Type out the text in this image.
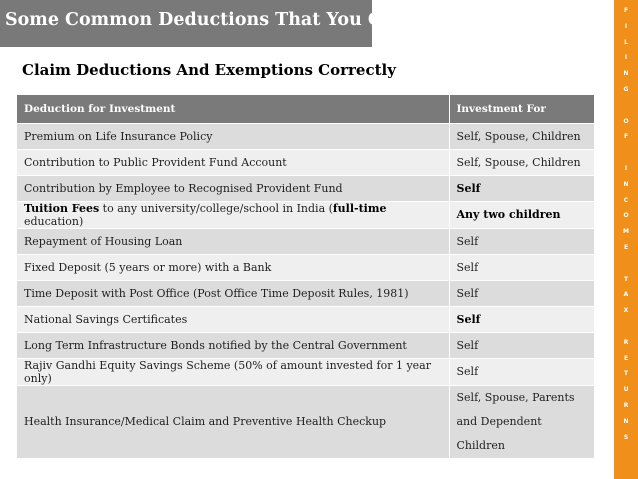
Some Common Deductions That You Claim
Claim Deductions And Exemptions Correctly
F
I
L
I
N
G
O
F
I
N
C
O
M
E
T
A
X
R
E
T
U
R
N
S
Deduction for Investment	Investment For
Premium on Life Insurance Policy	Self, Spouse, Children
Contribution to Public Provident Fund Account	Self, Spouse, Children
Contribution by Employee to Recognised Provident Fund	Self
Tuition Fees to any university/college/school in India (full-time education)	Any two children
Repayment of Housing Loan	Self
Fixed Deposit (5 years or more) with a Bank	Self
Time Deposit with Post Office (Post Office Time Deposit Rules, 1981)	Self
National Savings Certificates	Self
Long Term Infrastructure Bonds notified by the Central Government	Self
Rajiv Gandhi Equity Savings Scheme (50% of amount invested for 1 year only)	Self
Health Insurance/Medical Claim and Preventive Health Checkup	Self, Spouse, Parents and Dependent Children
